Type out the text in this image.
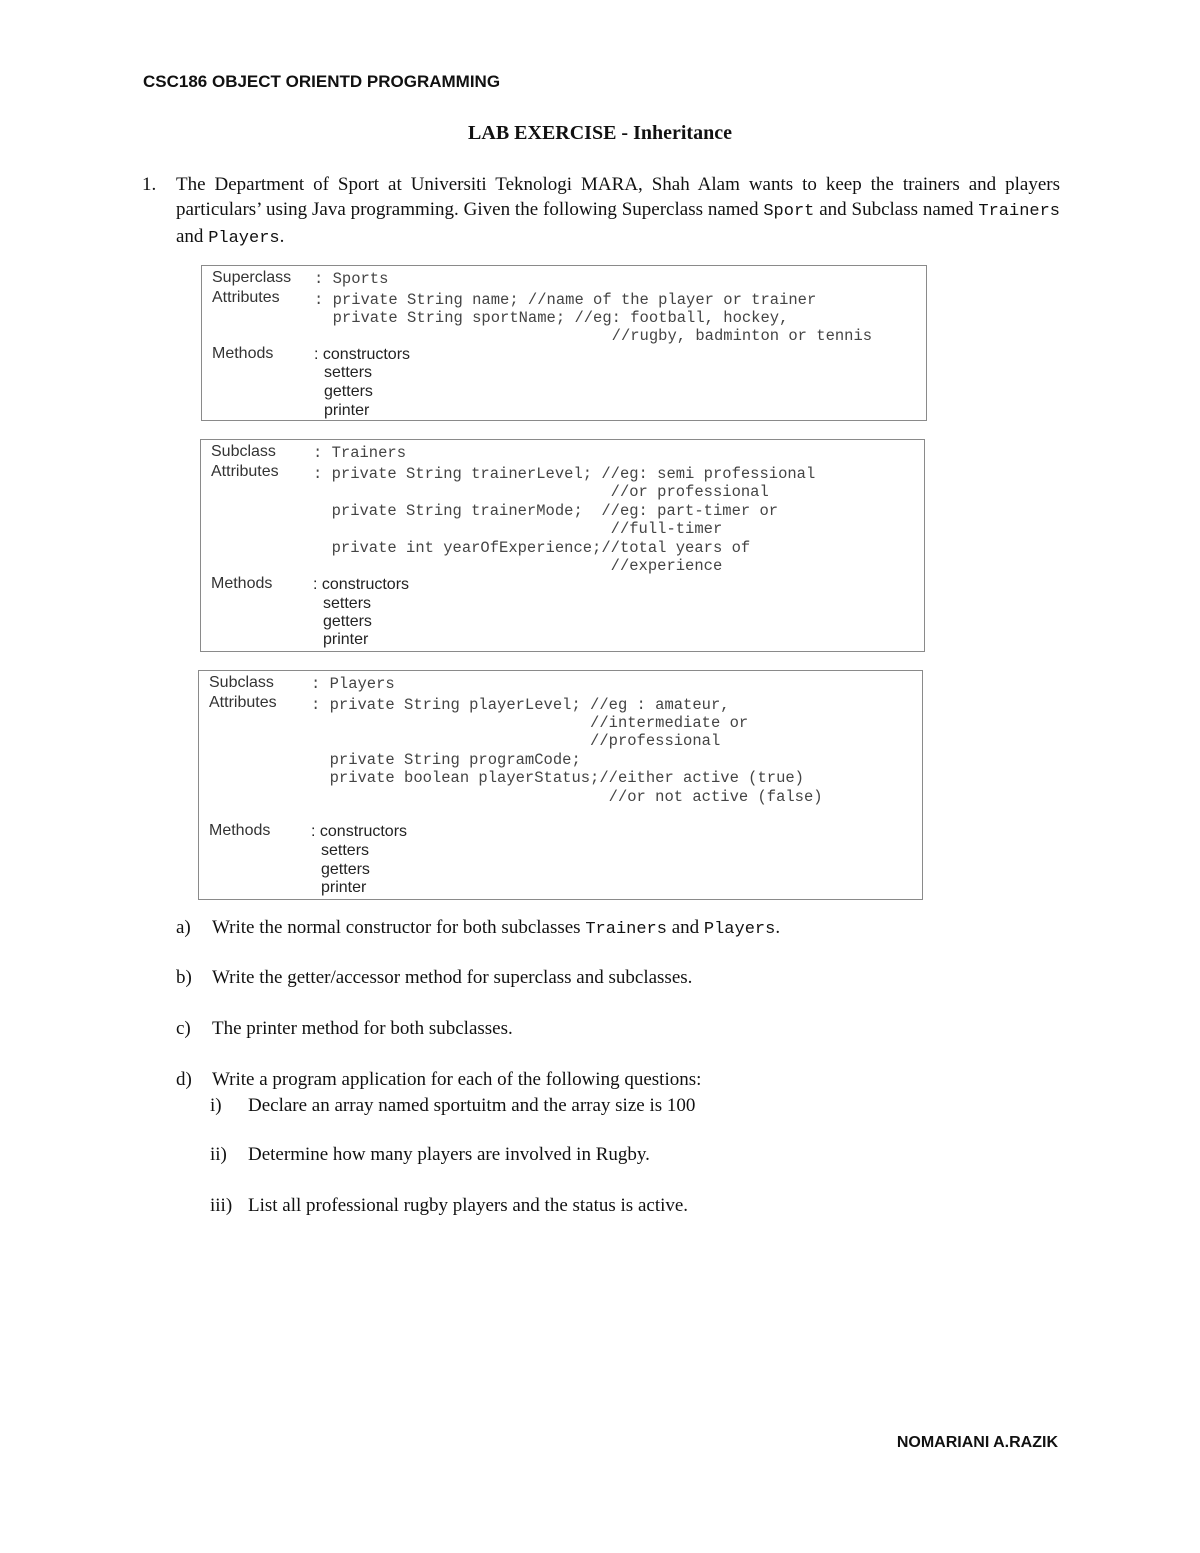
CSC186 OBJECT ORIENTD PROGRAMMING
LAB EXERCISE - Inheritance
1. The Department of Sport at Universiti Teknologi MARA, Shah Alam wants to keep the trainers and players particulars’ using Java programming. Given the following Superclass named Sport and Subclass named Trainers and Players.
Superclass : Sports
Attributes : private String name; //name of the player or trainer
private String sportName; //eg: football, hockey,
//rugby, badminton or tennis
Methods	: constructors
setters
getters
printer
Subclass : Trainers
Attributes : private String trainerLevel; //eg: semi professional
//or professional
private String trainerMode;  //eg: part-timer or
//full-timer
private int yearOfExperience;//total years of
//experience
Methods	: constructors
setters
getters
printer
Subclass : Players
Attributes : private String playerLevel; //eg : amateur,
//intermediate or
//professional
private String programCode;
private boolean playerStatus;//either active (true)
//or not active (false)
Methods	: constructors
setters
getters
printer
a) Write the normal constructor for both subclasses Trainers and Players.
b) Write the getter/accessor method for superclass and subclasses.
c) The printer method for both subclasses.
d) Write a program application for each of the following questions:
i) Declare an array named sportuitm and the array size is 100
ii) Determine how many players are involved in Rugby.
iii) List all professional rugby players and the status is active.
NOMARIANI A.RAZIK
